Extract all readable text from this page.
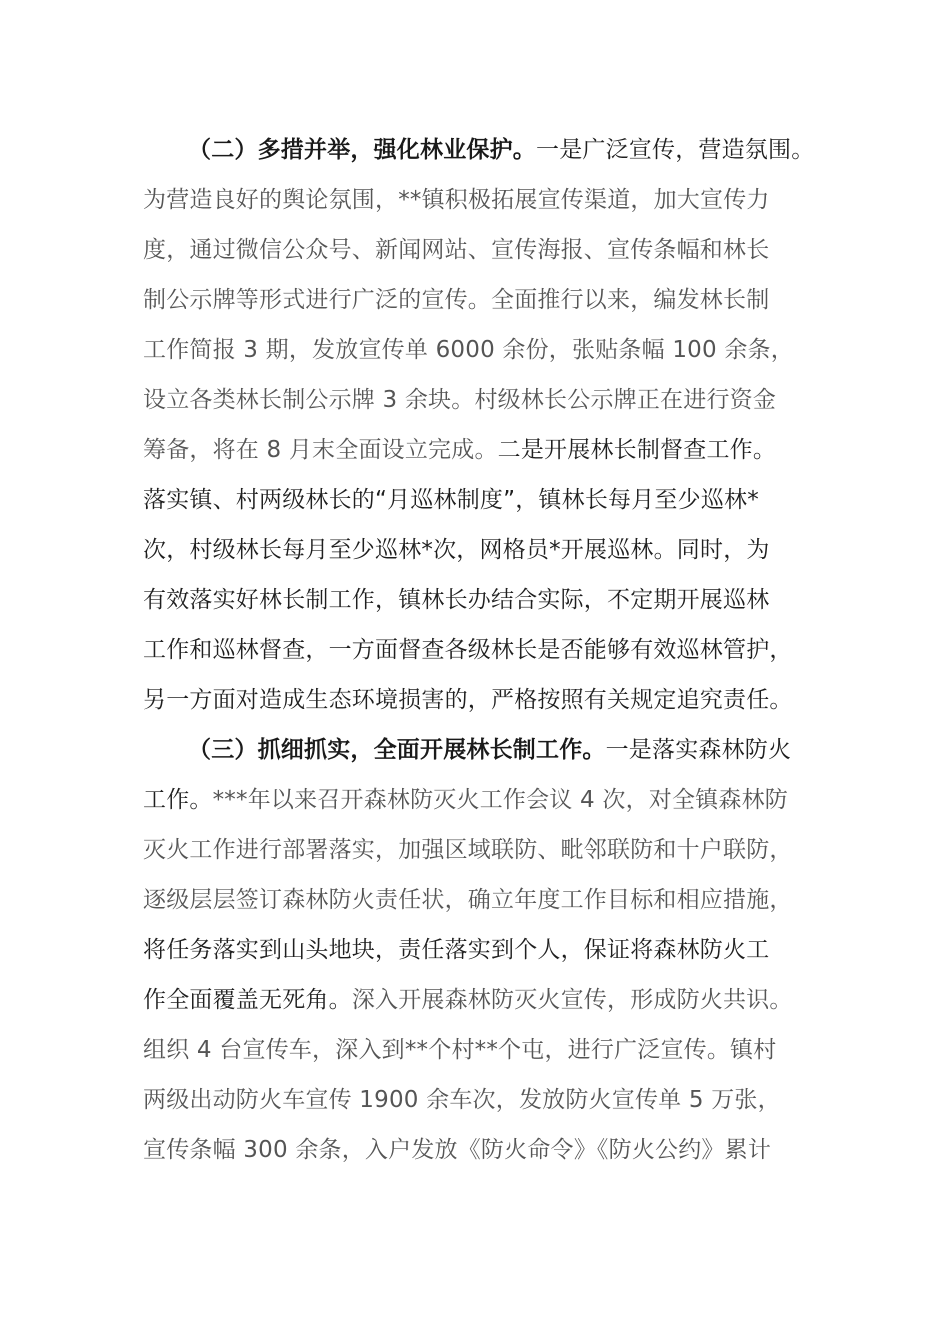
（二）多措并举，强化林业保护。一是广泛宣传，营造氛围。
为营造良好的舆论氛围，**镇积极拓展宣传渠道，加大宣传力
度，通过微信公众号、新闻网站、宣传海报、宣传条幅和林长
制公示牌等形式进行广泛的宣传。全面推行以来，编发林长制
工作简报 3 期，发放宣传单 6000 余份，张贴条幅 100 余条，
设立各类林长制公示牌 3 余块。村级林长公示牌正在进行资金
筹备，将在 8 月末全面设立完成。二是开展林长制督查工作。
落实镇、村两级林长的“月巡林制度”，镇林长每月至少巡林*
次，村级林长每月至少巡林*次，网格员*开展巡林。同时，为
有效落实好林长制工作，镇林长办结合实际，不定期开展巡林
工作和巡林督查，一方面督查各级林长是否能够有效巡林管护，
另一方面对造成生态环境损害的，严格按照有关规定追究责任。
（三）抓细抓实，全面开展林长制工作。一是落实森林防火
工作。***年以来召开森林防灭火工作会议 4 次，对全镇森林防
灭火工作进行部署落实，加强区域联防、毗邻联防和十户联防，
逐级层层签订森林防火责任状，确立年度工作目标和相应措施，
将任务落实到山头地块，责任落实到个人，保证将森林防火工
作全面覆盖无死角。深入开展森林防灭火宣传，形成防火共识。
组织 4 台宣传车，深入到**个村**个屯，进行广泛宣传。镇村
两级出动防火车宣传 1900 余车次，发放防火宣传单 5 万张，
宣传条幅 300 余条，入户发放《防火命令》《防火公约》累计
